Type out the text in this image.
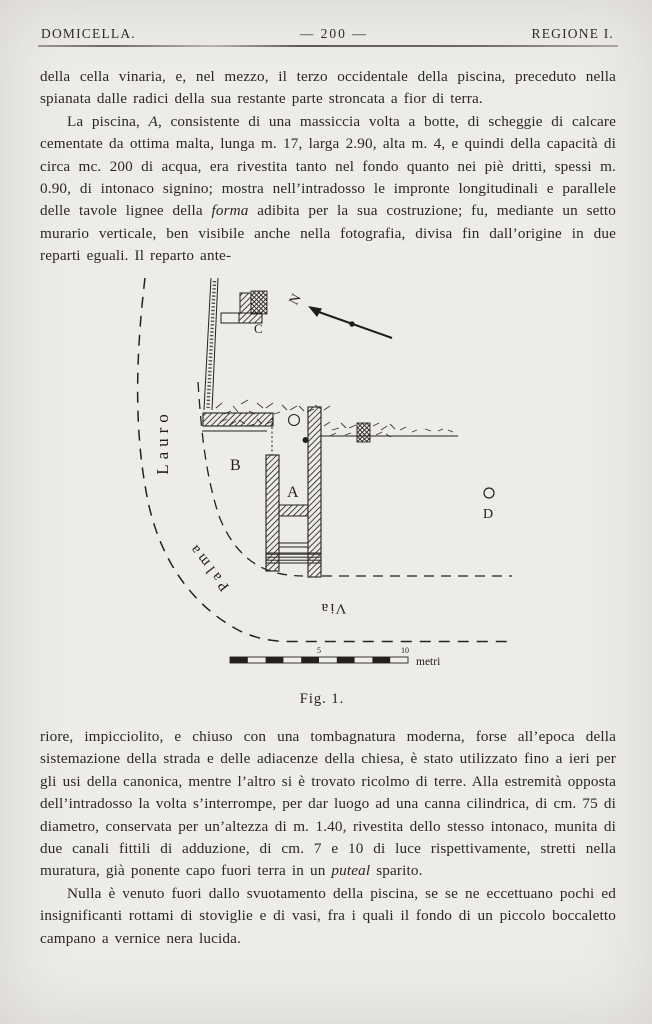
DOMICELLA.	— 200 —	REGIONE I.

della cella vinaria, e, nel mezzo, il terzo occidentale della piscina, preceduto nella spianata dalle radici della sua restante parte stroncata a fior di terra.

La piscina, A, consistente di una massiccia volta a botte, di scheggie di calcare cementate da ottima malta, lunga m. 17, larga 2.90, alta m. 4, e quindi della capacità di circa mc. 200 di acqua, era rivestita tanto nel fondo quanto nei piè dritti, spessi m. 0.90, di intonaco signino; mostra nell’intradosso le impronte longitudinali e parallele delle tavole lignee della forma adibita per la sua costruzione; fu, mediante un setto murario verticale, ben visibile anche nella fotografia, divisa fin dall’origine in due reparti eguali. Il reparto ante-

C
N
B
A
D
Lauro
Palma
Via
5	10
metri
Fig. 1.

riore, impicciolito, e chiuso con una tombagnatura moderna, forse all’epoca della sistemazione della strada e delle adiacenze della chiesa, è stato utilizzato fino a ieri per gli usi della canonica, mentre l’altro si è trovato ricolmo di terre. Alla estremità opposta dell’intradosso la volta s’interrompe, per dar luogo ad una canna cilindrica, di cm. 75 di diametro, conservata per un’altezza di m. 1.40, rivestita dello stesso intonaco, munita di due canali fittili di adduzione, di cm. 7 e 10 di luce rispettivamente, stretti nella muratura, già ponente capo fuori terra in un puteal sparito.

Nulla è venuto fuori dallo svuotamento della piscina, se se ne eccettuano pochi ed insignificanti rottami di stoviglie e di vasi, fra i quali il fondo di un piccolo boccaletto campano a vernice nera lucida.
